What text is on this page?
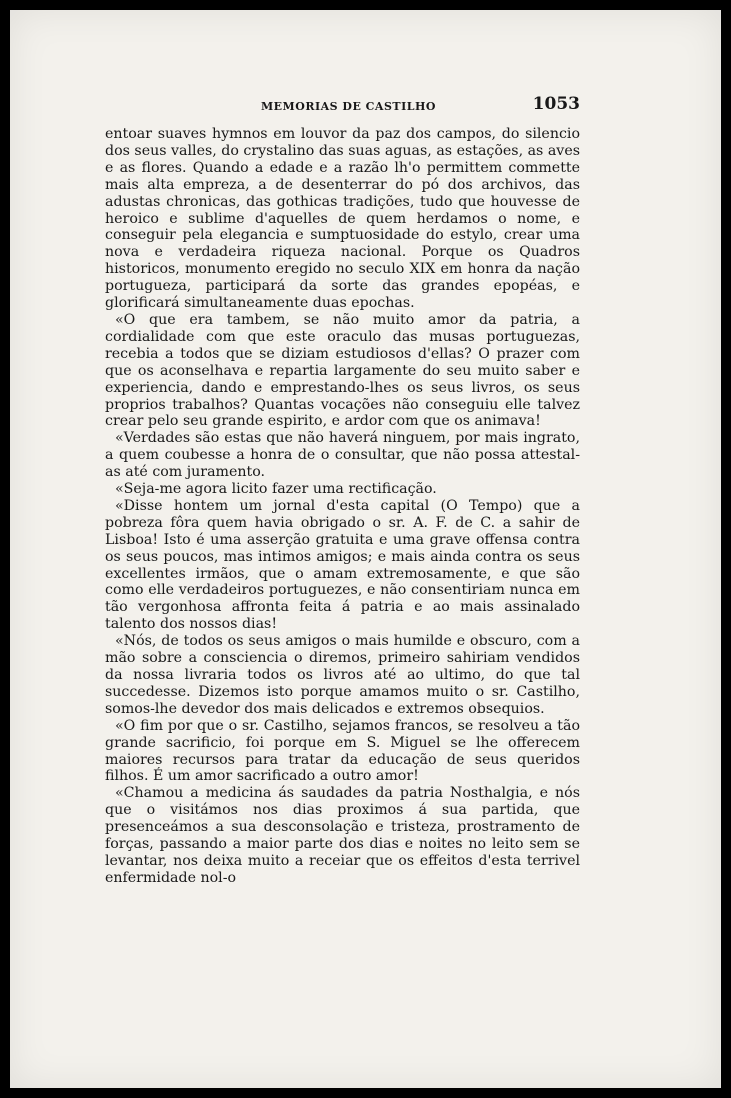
MEMORIAS DE CASTILHO	1053

entoar suaves hymnos em louvor da paz dos campos, do silencio dos seus valles, do crystalino das suas aguas, as estações, as aves e as flores. Quando a edade e a razão lh'o permittem commette mais alta empreza, a de desenterrar do pó dos archivos, das adustas chronicas, das gothicas tradições, tudo que houvesse de heroico e sublime d'aquelles de quem herdamos o nome, e conseguir pela elegancia e sumptuosidade do estylo, crear uma nova e verdadeira riqueza nacional. Porque os Quadros historicos, monumento eregido no seculo XIX em honra da nação portugueza, participará da sorte das grandes epopéas, e glorificará simultaneamente duas epochas.

«O que era tambem, se não muito amor da patria, a cordialidade com que este oraculo das musas portuguezas, recebia a todos que se diziam estudiosos d'ellas? O prazer com que os aconselhava e repartia largamente do seu muito saber e experiencia, dando e emprestando-lhes os seus livros, os seus proprios trabalhos? Quantas vocações não conseguiu elle talvez crear pelo seu grande espirito, e ardor com que os animava!

«Verdades são estas que não haverá ninguem, por mais ingrato, a quem coubesse a honra de o consultar, que não possa attestal-as até com juramento.

«Seja-me agora licito fazer uma rectificação.

«Disse hontem um jornal d'esta capital (O Tempo) que a pobreza fôra quem havia obrigado o sr. A. F. de C. a sahir de Lisboa! Isto é uma asserção gratuita e uma grave offensa contra os seus poucos, mas intimos amigos; e mais ainda contra os seus excellentes irmãos, que o amam extremosamente, e que são como elle verdadeiros portuguezes, e não consentiriam nunca em tão vergonhosa affronta feita á patria e ao mais assinalado talento dos nossos dias!

«Nós, de todos os seus amigos o mais humilde e obscuro, com a mão sobre a consciencia o diremos, primeiro sahiriam vendidos da nossa livraria todos os livros até ao ultimo, do que tal succedesse. Dizemos isto porque amamos muito o sr. Castilho, somos-lhe devedor dos mais delicados e extremos obsequios.

«O fim por que o sr. Castilho, sejamos francos, se resolveu a tão grande sacrificio, foi porque em S. Miguel se lhe offerecem maiores recursos para tratar da educação de seus queridos filhos. É um amor sacrificado a outro amor!

«Chamou a medicina ás saudades da patria Nosthalgia, e nós que o visitámos nos dias proximos á sua partida, que presenceámos a sua desconsolação e tristeza, prostramento de forças, passando a maior parte dos dias e noites no leito sem se levantar, nos deixa muito a receiar que os effeitos d'esta terrivel enfermidade nol-o
